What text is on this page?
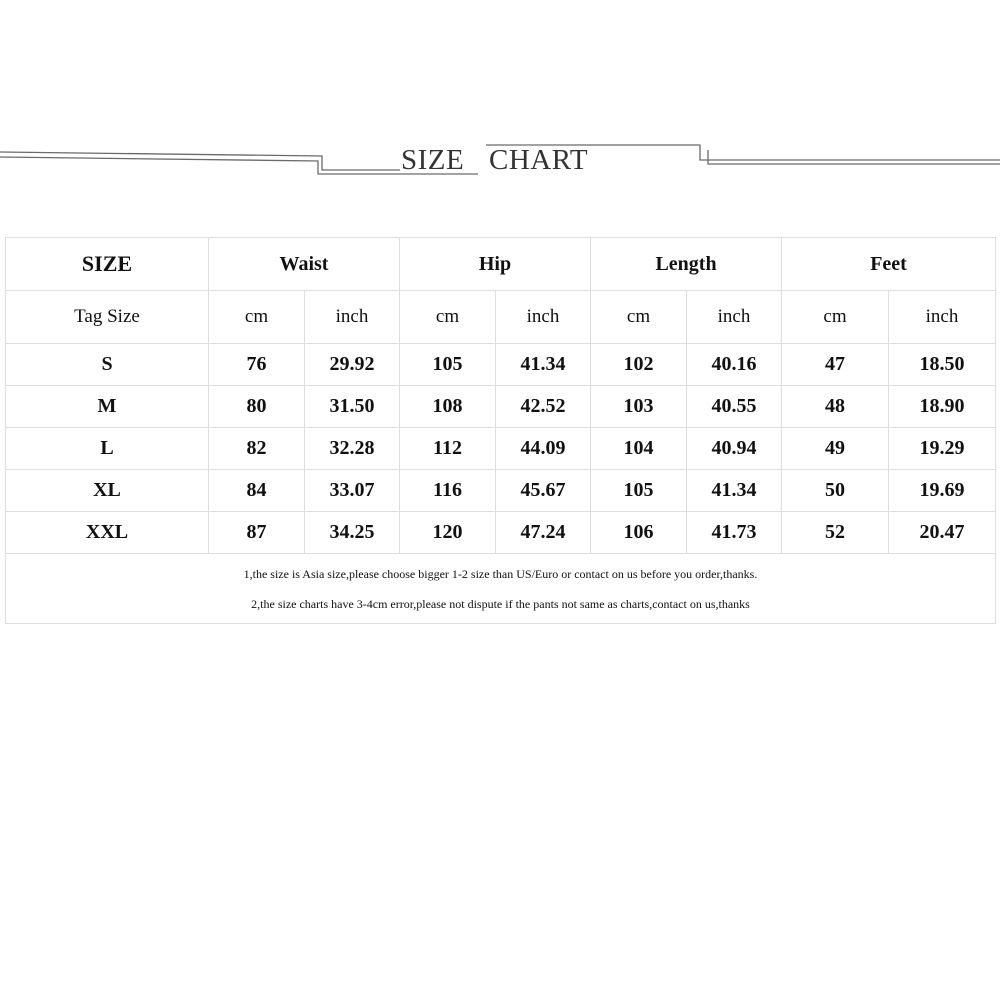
SIZE CHART
SIZE	Waist		Hip		Length		Feet	
Tag Size	cm	inch	cm	inch	cm	inch	cm	inch
S	76	29.92	105	41.34	102	40.16	47	18.50
M	80	31.50	108	42.52	103	40.55	48	18.90
L	82	32.28	112	44.09	104	40.94	49	19.29
XL	84	33.07	116	45.67	105	41.34	50	19.69
XXL	87	34.25	120	47.24	106	41.73	52	20.47

1,the size is Asia size,please choose bigger 1-2 size than US/Euro or contact on us before you order,thanks.
2,the size charts have 3-4cm error,please not dispute if the pants not same as charts,contact on us,thanks								
